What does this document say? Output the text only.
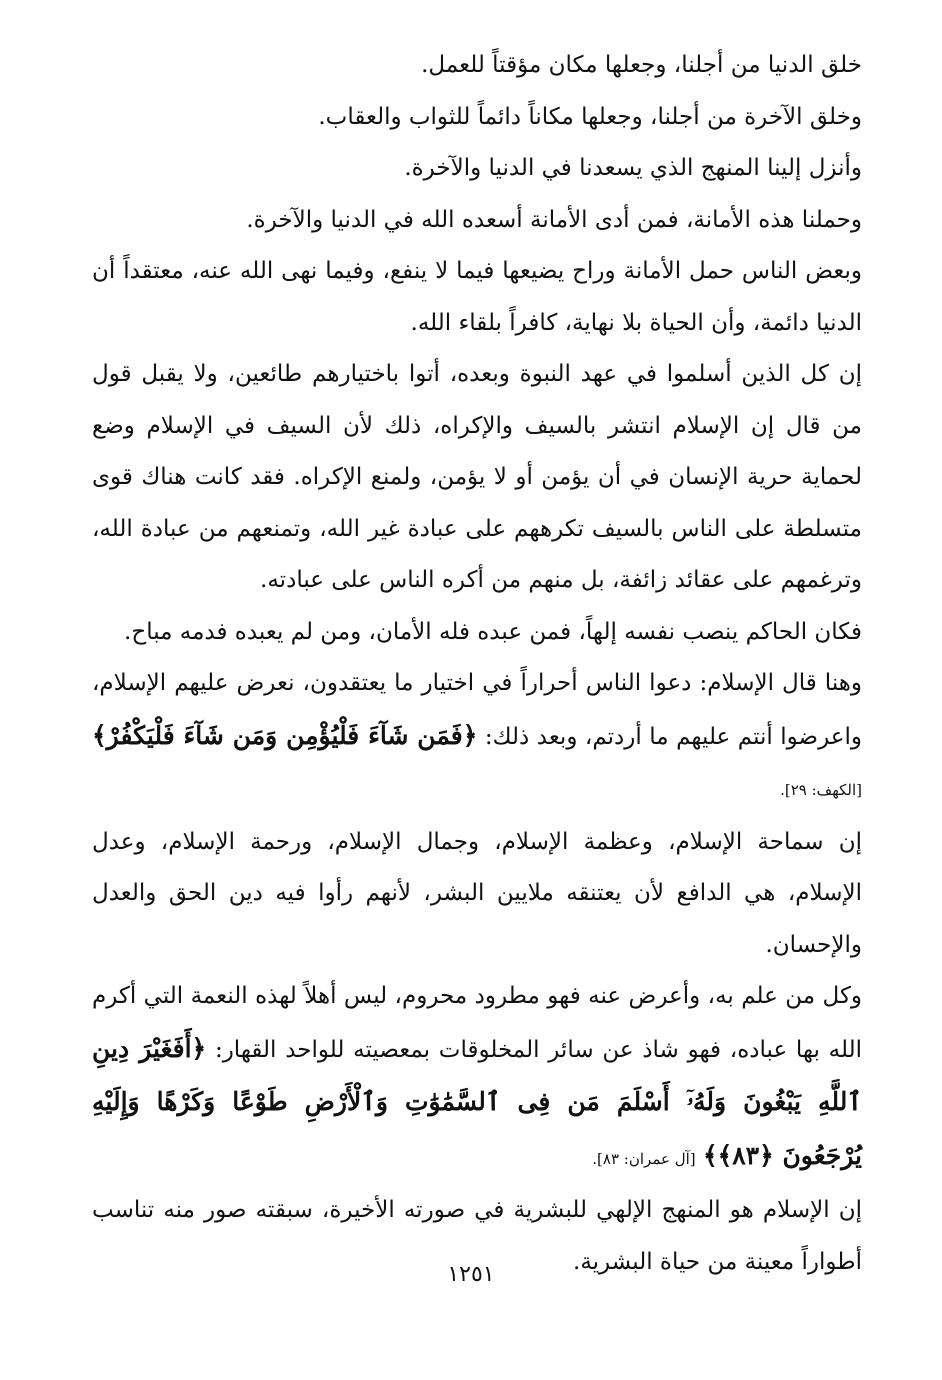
خلق الدنيا من أجلنا، وجعلها مكان مؤقتاً للعمل.

وخلق الآخرة من أجلنا، وجعلها مكاناً دائماً للثواب والعقاب.

وأنزل إلينا المنهج الذي يسعدنا في الدنيا والآخرة.

وحملنا هذه الأمانة، فمن أدى الأمانة أسعده الله في الدنيا والآخرة.

وبعض الناس حمل الأمانة وراح يضيعها فيما لا ينفع، وفيما نهى الله عنه، معتقداً أن الدنيا دائمة، وأن الحياة بلا نهاية، كافراً بلقاء الله.

إن كل الذين أسلموا في عهد النبوة وبعده، أتوا باختيارهم طائعين، ولا يقبل قول من قال إن الإسلام انتشر بالسيف والإكراه، ذلك لأن السيف في الإسلام وضع لحماية حرية الإنسان في أن يؤمن أو لا يؤمن، ولمنع الإكراه. فقد كانت هناك قوى متسلطة على الناس بالسيف تكرههم على عبادة غير الله، وتمنعهم من عبادة الله، وترغمهم على عقائد زائفة، بل منهم من أكره الناس على عبادته.

فكان الحاكم ينصب نفسه إلهاً، فمن عبده فله الأمان، ومن لم يعبده فدمه مباح.

وهنا قال الإسلام: دعوا الناس أحراراً في اختيار ما يعتقدون، نعرض عليهم الإسلام، واعرضوا أنتم عليهم ما أردتم، وبعد ذلك: ﴿فَمَن شَآءَ فَلْيُؤْمِن وَمَن شَآءَ فَلْيَكْفُرْ﴾ [الكهف: ٢٩].

إن سماحة الإسلام، وعظمة الإسلام، وجمال الإسلام، ورحمة الإسلام، وعدل الإسلام، هي الدافع لأن يعتنقه ملايين البشر، لأنهم رأوا فيه دين الحق والعدل والإحسان.

وكل من علم به، وأعرض عنه فهو مطرود محروم، ليس أهلاً لهذه النعمة التي أكرم الله بها عباده، فهو شاذ عن سائر المخلوقات بمعصيته للواحد القهار: ﴿أَفَغَيْرَ دِينِ ٱللَّهِ يَبْغُونَ وَلَهُۥٓ أَسْلَمَ مَن فِى ٱلسَّمَٰوَٰتِ وَٱلْأَرْضِ طَوْعًا وَكَرْهًا وَإِلَيْهِ يُرْجَعُونَ ﴿٨٣﴾﴾ [آل عمران: ٨٣].

إن الإسلام هو المنهج الإلهي للبشرية في صورته الأخيرة، سبقته صور منه تناسب أطواراً معينة من حياة البشرية.

١٢٥١
